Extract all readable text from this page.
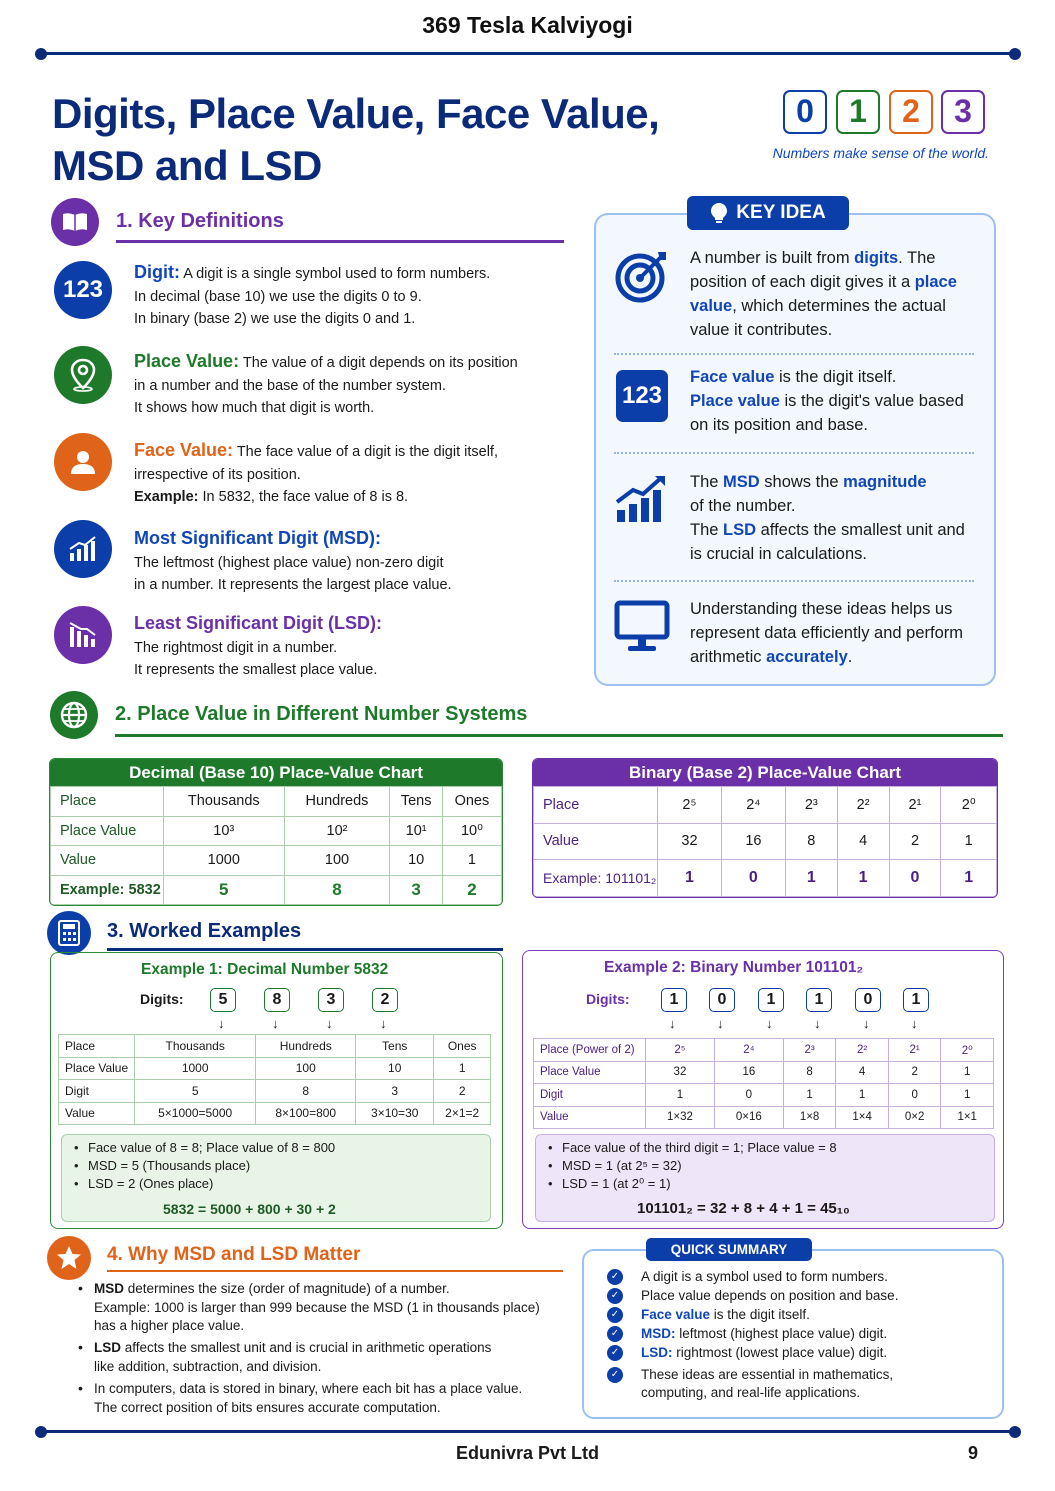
369 Tesla Kalviyogi
Digits, Place Value, Face Value,
MSD and LSD
0	1	2	3
Numbers make sense of the world.
1. Key Definitions
123
Digit: A digit is a single symbol used to form numbers.
In decimal (base 10) we use the digits 0 to 9.
In binary (base 2) we use the digits 0 and 1.
Place Value: The value of a digit depends on its position
in a number and the base of the number system.
It shows how much that digit is worth.
Face Value: The face value of a digit is the digit itself,
irrespective of its position.
Example: In 5832, the face value of 8 is 8.
Most Significant Digit (MSD):
The leftmost (highest place value) non-zero digit
in a number. It represents the largest place value.
Least Significant Digit (LSD):
The rightmost digit in a number.
It represents the smallest place value.
KEY IDEA
A number is built from digits. The position of each digit gives it a place value, which determines the actual value it contributes.
123
Face value is the digit itself.
Place value is the digit's value based on its position and base.
The MSD shows the magnitude
of the number.
The LSD affects the smallest unit and is crucial in calculations.
Understanding these ideas helps us represent data efficiently and perform arithmetic accurately.
2. Place Value in Different Number Systems
Decimal (Base 10) Place-Value Chart
Place	Thousands	Hundreds	Tens	Ones
Place Value	10³	10²	10¹	10⁰
Value	1000	100	10	1
Example: 5832	5	8	3	2
Binary (Base 2) Place-Value Chart
Place	2⁵	2⁴	2³	2²	2¹	2⁰
Value	32	16	8	4	2	1
Example: 101101₂	1	0	1	1	0	1
3. Worked Examples
Example 1: Decimal Number 5832
Digits:	5	8	3	2
↓	↓	↓	↓
Place	Thousands	Hundreds	Tens	Ones
Place Value	1000	100	10	1
Digit	5	8	3	2
Value	5×1000=5000	8×100=800	3×10=30	2×1=2
• Face value of 8 = 8; Place value of 8 = 800
• MSD = 5 (Thousands place)
• LSD = 2 (Ones place)
5832 = 5000 + 800 + 30 + 2
Example 2: Binary Number 101101₂
Digits:	1	0	1	1	0	1
↓	↓	↓	↓	↓	↓
Place (Power of 2)	2⁵	2⁴	2³	2²	2¹	2⁰
Place Value	32	16	8	4	2	1
Digit	1	0	1	1	0	1
Value	1×32	0×16	1×8	1×4	0×2	1×1
• Face value of the third digit = 1; Place value = 8
• MSD = 1 (at 2⁵ = 32)
• LSD = 1 (at 2⁰ = 1)
101101₂ = 32 + 8 + 4 + 1 = 45₁₀
4. Why MSD and LSD Matter
• MSD determines the size (order of magnitude) of a number.
Example: 1000 is larger than 999 because the MSD (1 in thousands place)
has a higher place value.
• LSD affects the smallest unit and is crucial in arithmetic operations
like addition, subtraction, and division.
• In computers, data is stored in binary, where each bit has a place value.
The correct position of bits ensures accurate computation.
QUICK SUMMARY
✓ A digit is a symbol used to form numbers.
✓ Place value depends on position and base.
✓ Face value is the digit itself.
✓ MSD: leftmost (highest place value) digit.
✓ LSD: rightmost (lowest place value) digit.
✓ These ideas are essential in mathematics, computing, and real-life applications.
Edunivra Pvt Ltd	9
